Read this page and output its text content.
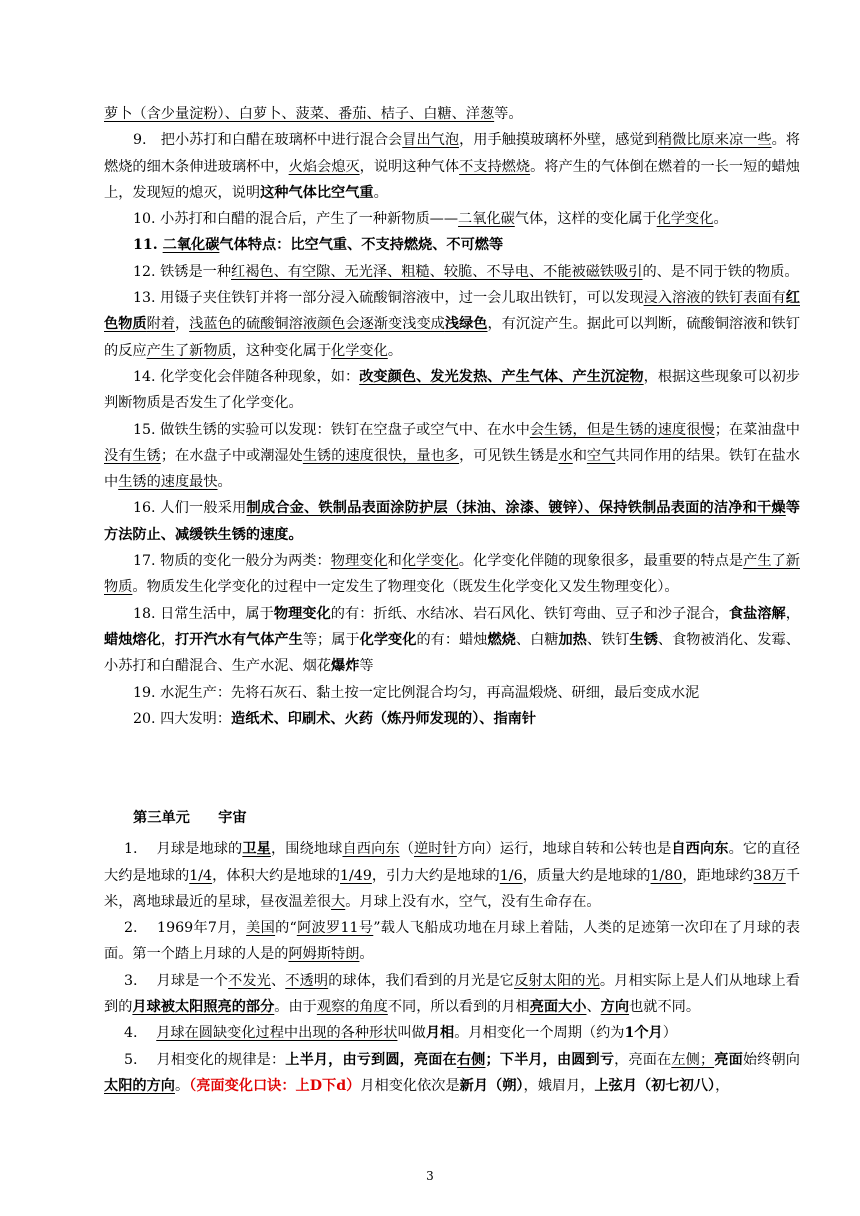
萝卜（含少量淀粉）、白萝卜、菠菜、番茄、桔子、白糖、洋葱等。

9.　把小苏打和白醋在玻璃杯中进行混合会冒出气泡，用手触摸玻璃杯外壁，感觉到稍微比原来凉一些。将燃烧的细木条伸进玻璃杯中，火焰会熄灭，说明这种气体不支持燃烧。将产生的气体倒在燃着的一长一短的蜡烛上，发现短的熄灭，说明这种气体比空气重。

10. 小苏打和白醋的混合后，产生了一种新物质——二氧化碳气体，这样的变化属于化学变化。

11. 二氧化碳气体特点：比空气重、不支持燃烧、不可燃等

12. 铁锈是一种红褐色、有空隙、无光泽、粗糙、较脆、不导电、不能被磁铁吸引的、是不同于铁的物质。

13. 用镊子夹住铁钉并将一部分浸入硫酸铜溶液中，过一会儿取出铁钉，可以发现浸入溶液的铁钉表面有红色物质附着，浅蓝色的硫酸铜溶液颜色会逐渐变浅变成浅绿色，有沉淀产生。据此可以判断，硫酸铜溶液和铁钉的反应产生了新物质，这种变化属于化学变化。

14. 化学变化会伴随各种现象，如：改变颜色、发光发热、产生气体、产生沉淀物，根据这些现象可以初步判断物质是否发生了化学变化。

15. 做铁生锈的实验可以发现：铁钉在空盘子或空气中、在水中会生锈，但是生锈的速度很慢；在菜油盘中没有生锈；在水盘子中或潮湿处生锈的速度很快，量也多，可见铁生锈是水和空气共同作用的结果。铁钉在盐水中生锈的速度最快。

16. 人们一般采用制成合金、铁制品表面涂防护层（抹油、涂漆、镀锌）、保持铁制品表面的洁净和干燥等方法防止、减缓铁生锈的速度。

17. 物质的变化一般分为两类：物理变化和化学变化。化学变化伴随的现象很多，最重要的特点是产生了新物质。物质发生化学变化的过程中一定发生了物理变化（既发生化学变化又发生物理变化）。

18. 日常生活中，属于物理变化的有：折纸、水结冰、岩石风化、铁钉弯曲、豆子和沙子混合，食盐溶解，蜡烛熔化，打开汽水有气体产生等；属于化学变化的有：蜡烛燃烧、白糖加热、铁钉生锈、食物被消化、发霉、小苏打和白醋混合、生产水泥、烟花爆炸等

19. 水泥生产：先将石灰石、黏土按一定比例混合均匀，再高温煅烧、研细，最后变成水泥

20. 四大发明：造纸术、印刷术、火药（炼丹师发现的）、指南针

第三单元　　宇宙

1.　 月球是地球的卫星，围绕地球自西向东（逆时针方向）运行，地球自转和公转也是自西向东。它的直径大约是地球的1/4，体积大约是地球的1/49，引力大约是地球的1/6，质量大约是地球的1/80，距地球约38万千米，离地球最近的星球，昼夜温差很大。月球上没有水，空气，没有生命存在。

2.　 1969年7月，美国的“阿波罗11号”载人飞船成功地在月球上着陆，人类的足迹第一次印在了月球的表面。第一个踏上月球的人是的阿姆斯特朗。

3.　 月球是一个不发光、不透明的球体，我们看到的月光是它反射太阳的光。月相实际上是人们从地球上看到的月球被太阳照亮的部分。由于观察的角度不同，所以看到的月相亮面大小、方向也就不同。

4.　 月球在圆缺变化过程中出现的各种形状叫做月相。月相变化一个周期（约为1个月）

5.　 月相变化的规律是：上半月，由亏到圆，亮面在右侧；下半月，由圆到亏，亮面在左侧；亮面始终朝向太阳的方向。（亮面变化口诀：上D下d）月相变化依次是新月（朔），娥眉月，上弦月（初七初八），

3
